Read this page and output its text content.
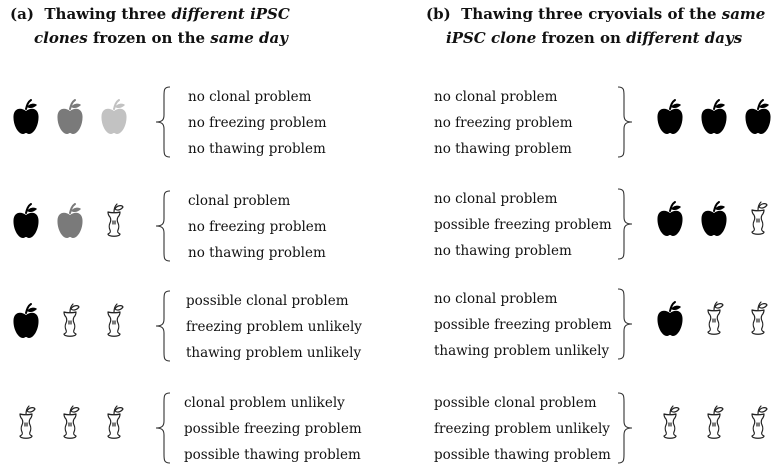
(a) Thawing three different iPSC
clones frozen on the same day
(b) Thawing three cryovials of the same
iPSC clone frozen on different days
no clonal problem
no freezing problem
no thawing problem
clonal problem
no freezing problem
no thawing problem
possible clonal problem
freezing problem unlikely
thawing problem unlikely
clonal problem unlikely
possible freezing problem
possible thawing problem
no clonal problem
no freezing problem
no thawing problem
no clonal problem
possible freezing problem
no thawing problem
no clonal problem
possible freezing problem
thawing problem unlikely
possible clonal problem
freezing problem unlikely
possible thawing problem
